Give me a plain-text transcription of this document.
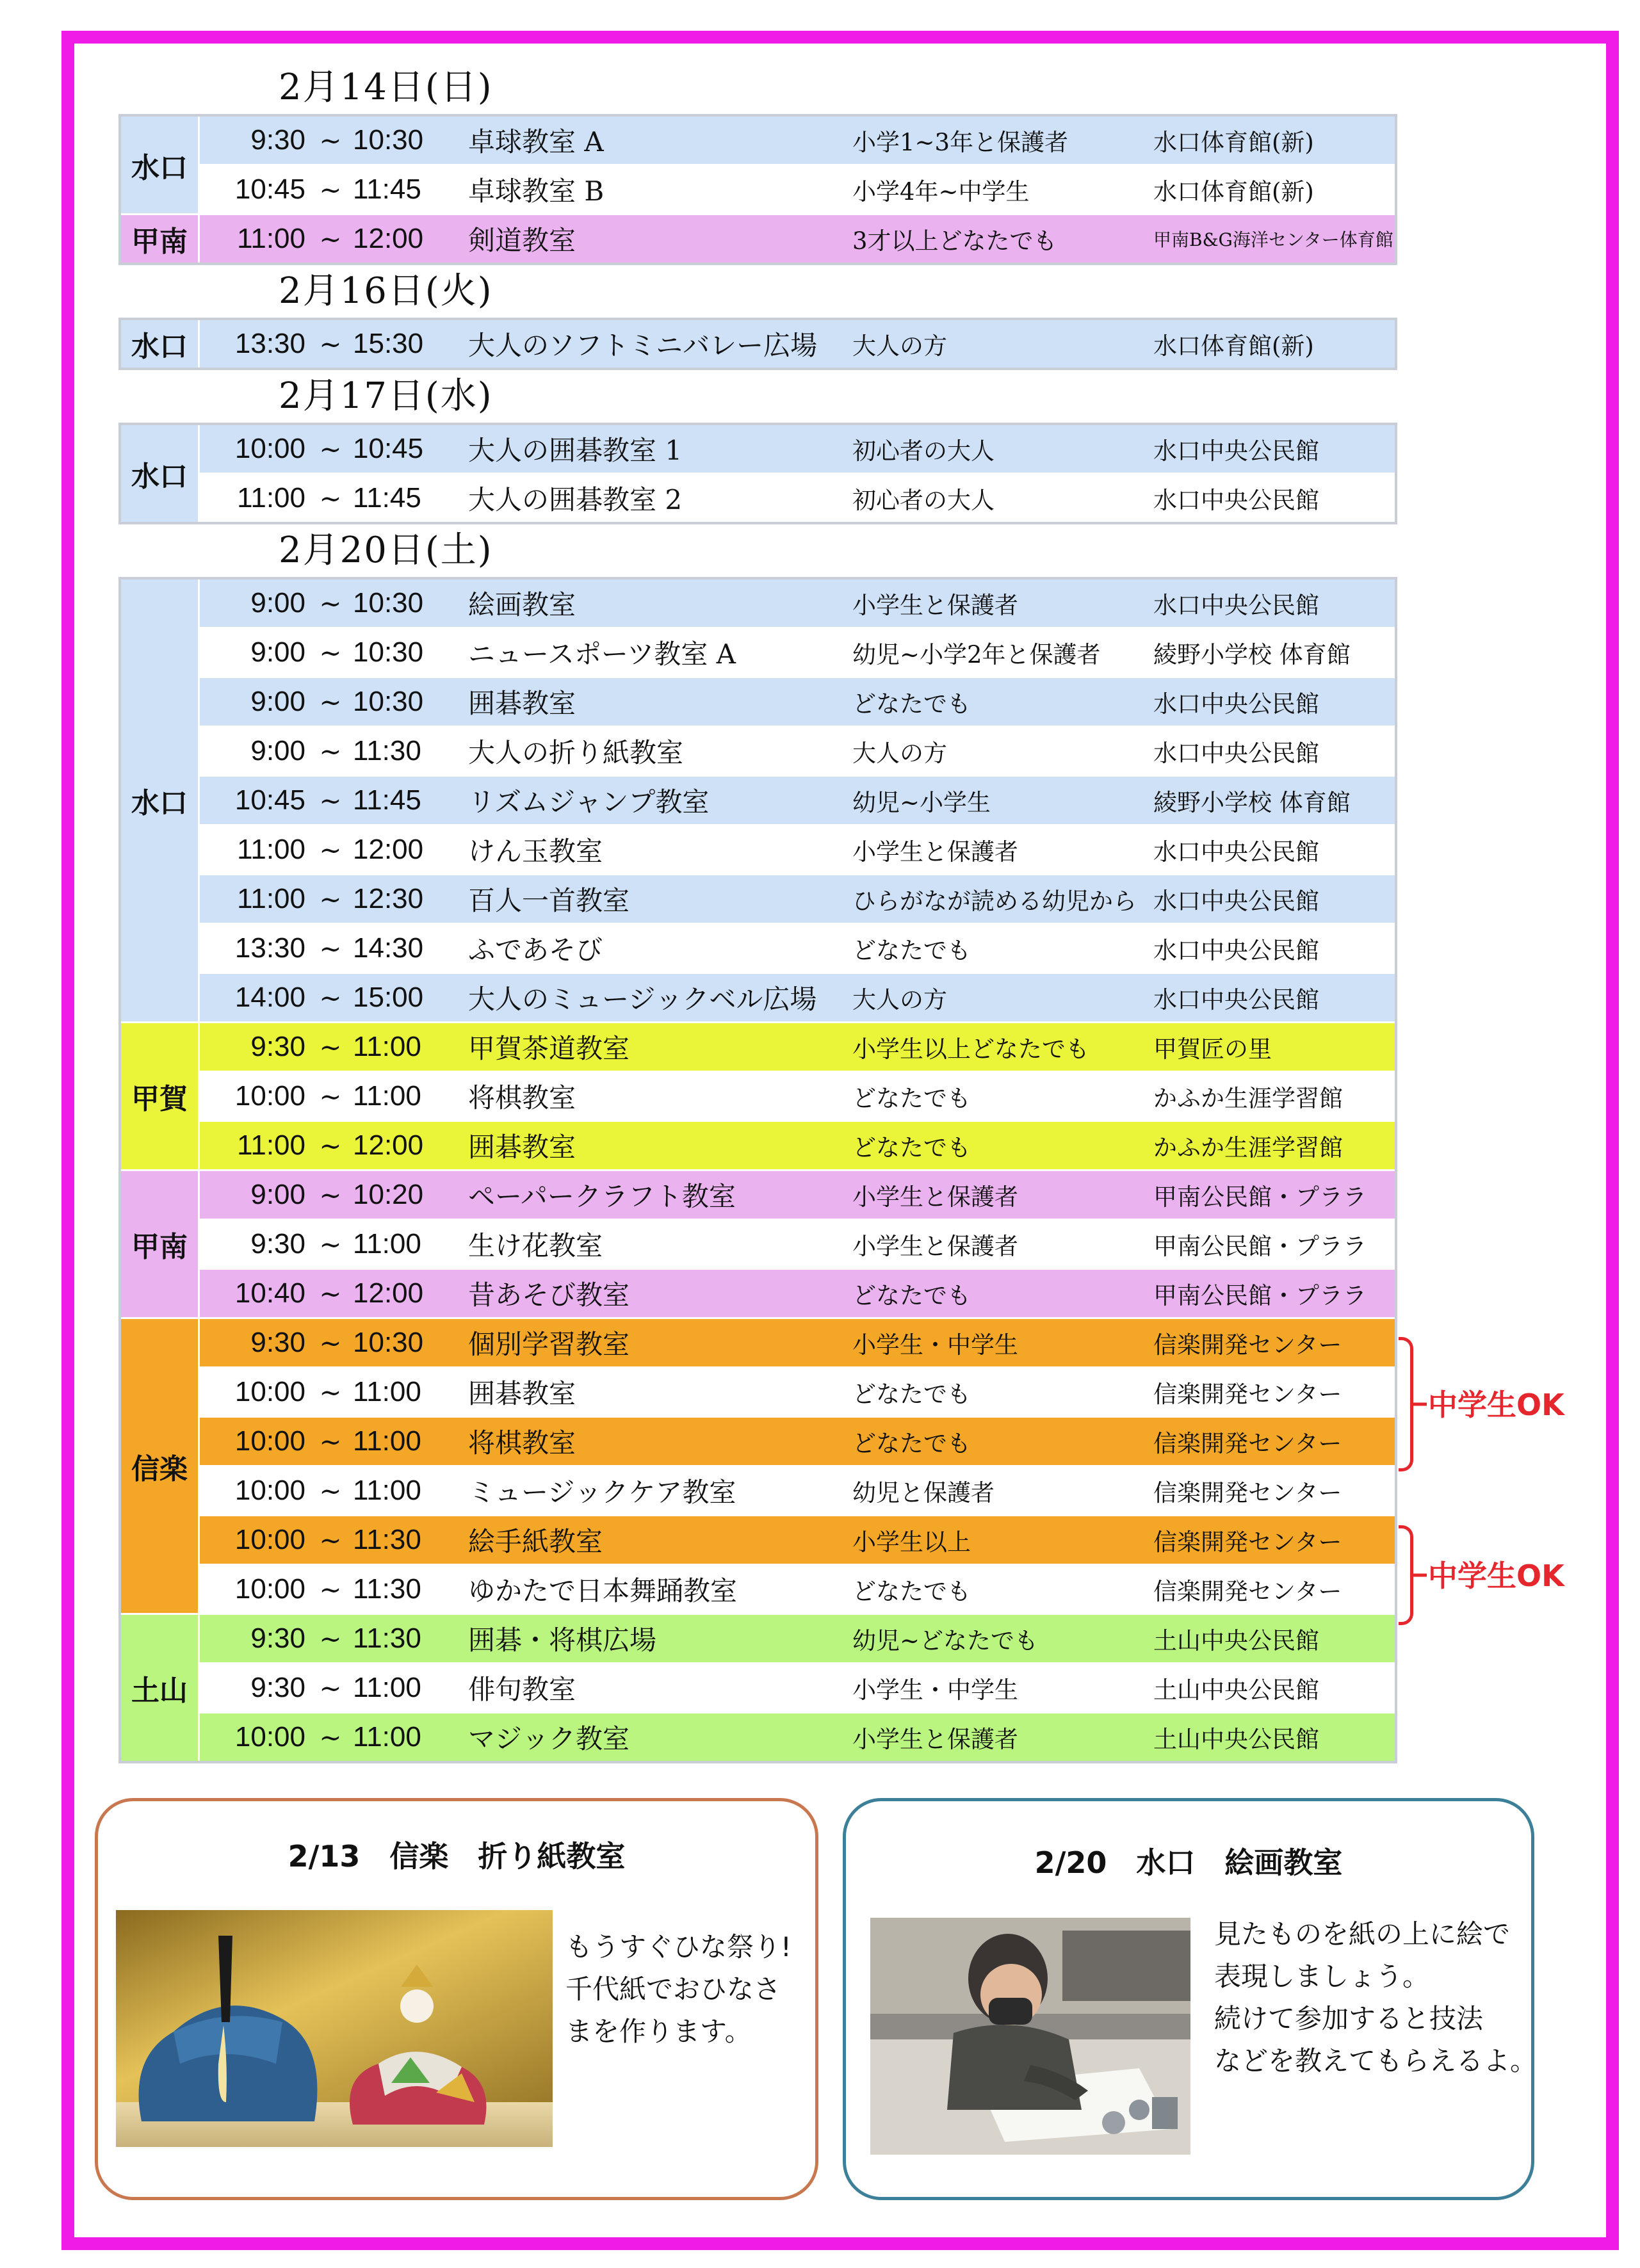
2月14日(日)
水口	9:30	~	10:30	卓球教室 A	小学1~3年と保護者	水口体育館(新)
	10:45	~	11:45	卓球教室 B	小学4年~中学生	水口体育館(新)
甲南	11:00	~	12:00	剣道教室	3才以上どなたでも	甲南B&G海洋センター体育館
2月16日(火)
水口	13:30	~	15:30	大人のソフトミニバレー広場	大人の方	水口体育館(新)
2月17日(水)
水口	10:00	~	10:45	大人の囲碁教室 1	初心者の大人	水口中央公民館
	11:00	~	11:45	大人の囲碁教室 2	初心者の大人	水口中央公民館
2月20日(土)
水口	9:00	~	10:30	絵画教室	小学生と保護者	水口中央公民館
	9:00	~	10:30	ニュースポーツ教室 A	幼児~小学2年と保護者	綾野小学校 体育館
	9:00	~	10:30	囲碁教室	どなたでも	水口中央公民館
	9:00	~	11:30	大人の折り紙教室	大人の方	水口中央公民館
	10:45	~	11:45	リズムジャンプ教室	幼児~小学生	綾野小学校 体育館
	11:00	~	12:00	けん玉教室	小学生と保護者	水口中央公民館
	11:00	~	12:30	百人一首教室	ひらがなが読める幼児から	水口中央公民館
	13:30	~	14:30	ふであそび	どなたでも	水口中央公民館
	14:00	~	15:00	大人のミュージックベル広場	大人の方	水口中央公民館
甲賀	9:30	~	11:00	甲賀茶道教室	小学生以上どなたでも	甲賀匠の里
	10:00	~	11:00	将棋教室	どなたでも	かふか生涯学習館
	11:00	~	12:00	囲碁教室	どなたでも	かふか生涯学習館
甲南	9:00	~	10:20	ペーパークラフト教室	小学生と保護者	甲南公民館・プララ
	9:30	~	11:00	生け花教室	小学生と保護者	甲南公民館・プララ
	10:40	~	12:00	昔あそび教室	どなたでも	甲南公民館・プララ
信楽	9:30	~	10:30	個別学習教室	小学生・中学生	信楽開発センター
	10:00	~	11:00	囲碁教室	どなたでも	信楽開発センター
	10:00	~	11:00	将棋教室	どなたでも	信楽開発センター
	10:00	~	11:00	ミュージックケア教室	幼児と保護者	信楽開発センター
	10:00	~	11:30	絵手紙教室	小学生以上	信楽開発センター
	10:00	~	11:30	ゆかたで日本舞踊教室	どなたでも	信楽開発センター
土山	9:30	~	11:30	囲碁・将棋広場	幼児~どなたでも	土山中央公民館
	9:30	~	11:00	俳句教室	小学生・中学生	土山中央公民館
	10:00	~	11:00	マジック教室	小学生と保護者	土山中央公民館
中学生OK
中学生OK
2/13　信楽　折り紙教室
もうすぐひな祭り!
千代紙でおひなさ
まを作ります。
2/20　水口　絵画教室
見たものを紙の上に絵で
表現しましょう。
続けて参加すると技法
などを教えてもらえるよ。
